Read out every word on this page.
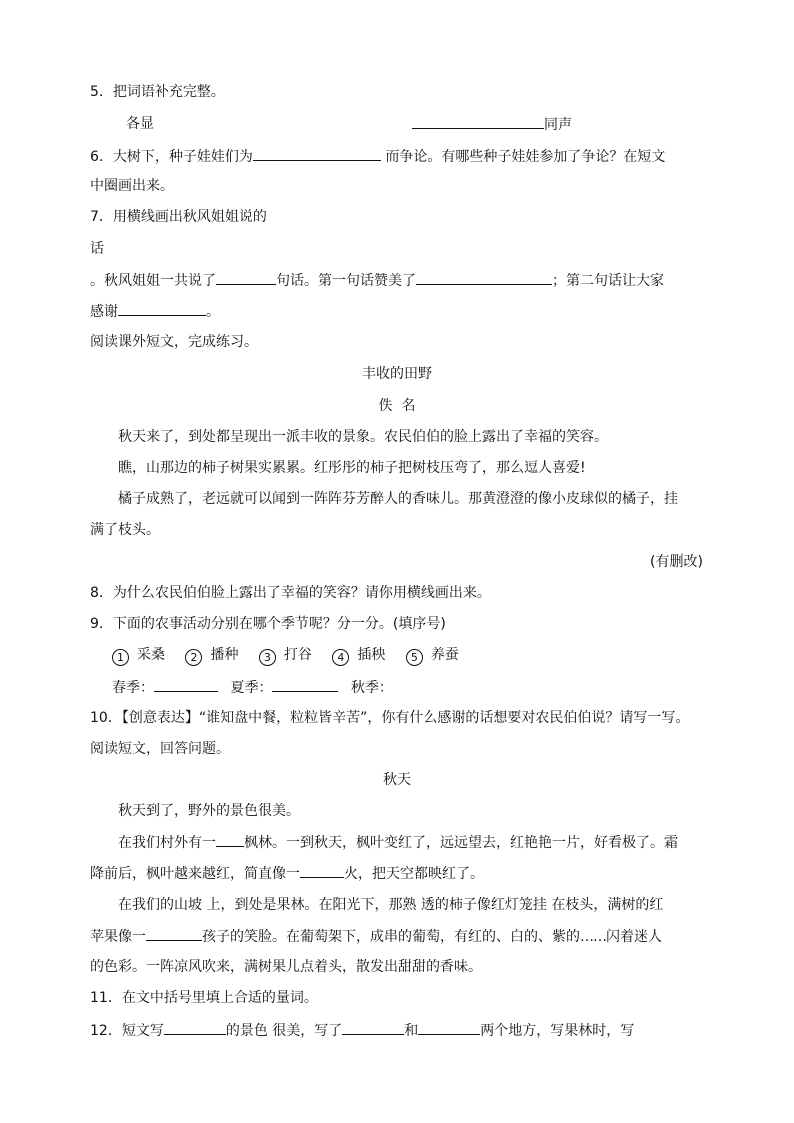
5．把词语补充完整。
各显	同声
6．大树下，种子娃娃们为	而争论。有哪些种子娃娃参加了争论？在短文
中圈画出来。
7．用横线画出秋风姐姐说的
话
。秋风姐姐一共说了	句话。第一句话赞美了	；第二句话让大家
感谢	。
阅读课外短文，完成练习。
丰收的田野
佚  名
秋天来了，到处都呈现出一派丰收的景象。农民伯伯的脸上露出了幸福的笑容。
瞧，山那边的柿子树果实累累。红彤彤的柿子把树枝压弯了，那么逗人喜爱!
橘子成熟了，老远就可以闻到一阵阵芬芳醉人的香味儿。那黄澄澄的像小皮球似的橘子，挂
满了枝头。
(有删改)
8．为什么农民伯伯脸上露出了幸福的笑容？请你用横线画出来。
9．下面的农事活动分别在哪个季节呢？分一分。(填序号)
1 采桑 2 播种 3 打谷 4 插秧 5 养蚕
春季：	夏季：	秋季：
10．【创意表达】“谁知盘中餐，粒粒皆辛苦”，你有什么感谢的话想要对农民伯伯说？请写一写。
阅读短文，回答问题。
秋天
秋天到了，野外的景色很美。
在我们村外有一 枫林。一到秋天，枫叶变红了，远远望去，红艳艳一片，好看极了。霜
降前后，枫叶越来越红，简直像一	火，把天空都映红了。
在我们的山坡 上，到处是果林。在阳光下，那熟 透的柿子像红灯笼挂 在枝头，满树的红
苹果像一	孩子的笑脸。在葡萄架下，成串的葡萄，有红的、白的、紫的……闪着迷人
的色彩。一阵凉风吹来，满树果儿点着头，散发出甜甜的香味。
11．在文中括号里填上合适的量词。
12．短文写	的景色 很美，写了	和	两个地方，写果林时，写
